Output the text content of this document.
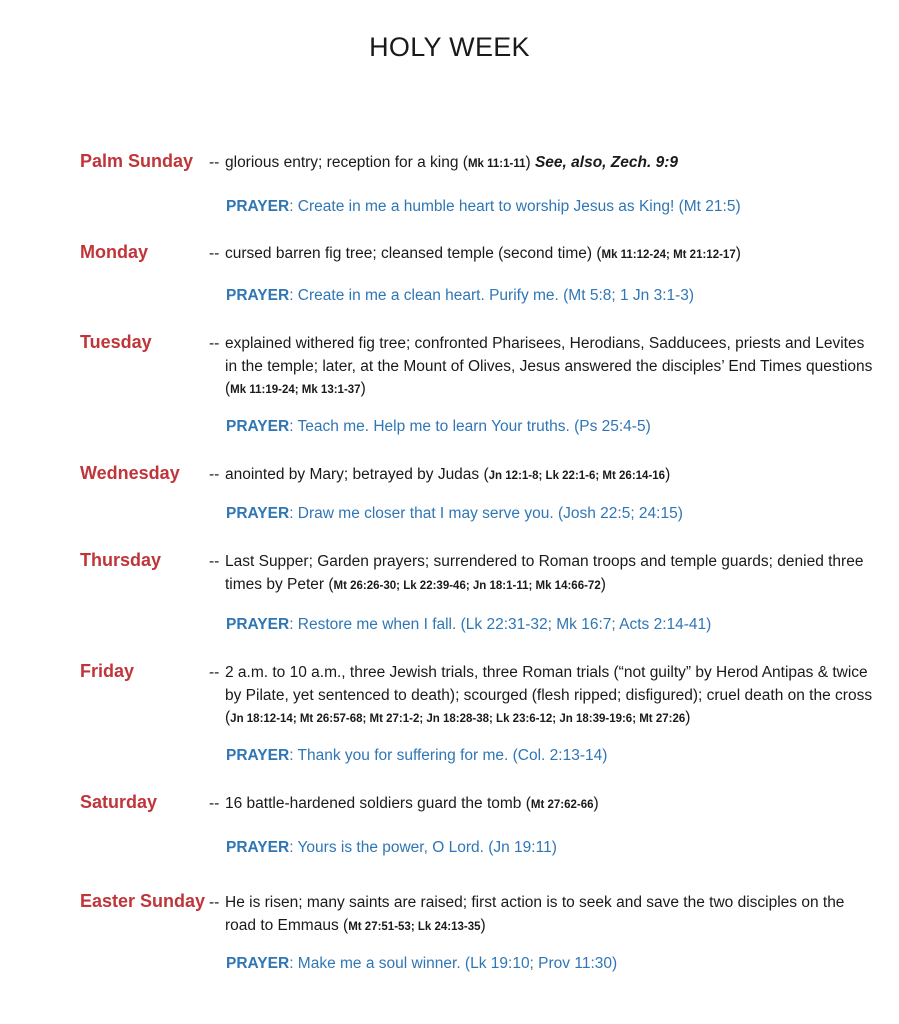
HOLY WEEK
Palm Sunday -- glorious entry; reception for a king (Mk 11:1-11) See, also, Zech. 9:9
PRAYER: Create in me a humble heart to worship Jesus as King! (Mt 21:5)
Monday	-- cursed barren fig tree; cleansed temple (second time) (Mk 11:12-24; Mt 21:12-17)
PRAYER: Create in me a clean heart. Purify me. (Mt 5:8; 1 Jn 3:1-3)
Tuesday	-- explained withered fig tree; confronted Pharisees, Herodians, Sadducees, priests and Levites in the temple; later, at the Mount of Olives, Jesus answered the disciples’ End Times questions (Mk 11:19-24; Mk 13:1-37)
PRAYER: Teach me. Help me to learn Your truths. (Ps 25:4-5)
Wednesday -- anointed by Mary; betrayed by Judas (Jn 12:1-8; Lk 22:1-6; Mt 26:14-16)
PRAYER: Draw me closer that I may serve you. (Josh 22:5; 24:15)
Thursday	-- Last Supper; Garden prayers; surrendered to Roman troops and temple guards; denied three times by Peter (Mt 26:26-30; Lk 22:39-46; Jn 18:1-11; Mk 14:66-72)
PRAYER: Restore me when I fall. (Lk 22:31-32; Mk 16:7; Acts 2:14-41)
Friday	-- 2 a.m. to 10 a.m., three Jewish trials, three Roman trials (“not guilty” by Herod Antipas & twice by Pilate, yet sentenced to death); scourged (flesh ripped; disfigured); cruel death on the cross (Jn 18:12-14; Mt 26:57-68; Mt 27:1-2; Jn 18:28-38; Lk 23:6-12; Jn 18:39-19:6; Mt 27:26)
PRAYER: Thank you for suffering for me. (Col. 2:13-14)
Saturday	-- 16 battle-hardened soldiers guard the tomb (Mt 27:62-66)
PRAYER: Yours is the power, O Lord. (Jn 19:11)
Easter Sunday -- He is risen; many saints are raised; first action is to seek and save the two disciples on the road to Emmaus (Mt 27:51-53; Lk 24:13-35)
PRAYER: Make me a soul winner. (Lk 19:10; Prov 11:30)
